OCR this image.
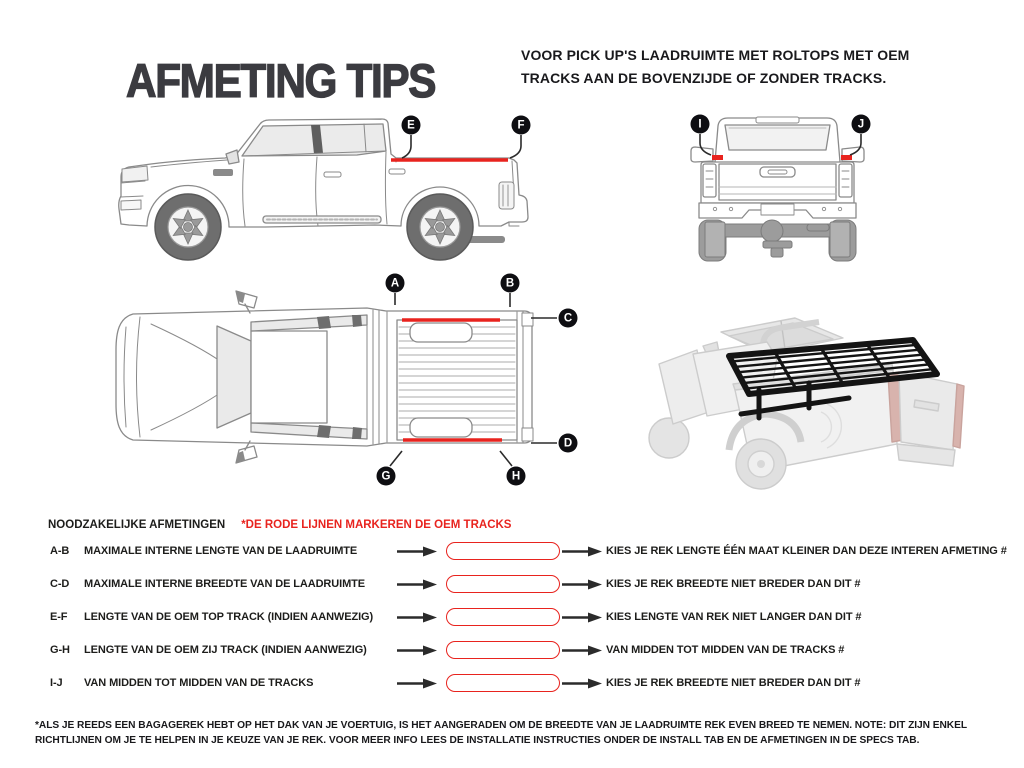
AFMETING TIPS	VOOR PICK UP'S LAADRUIMTE MET ROLTOPS MET OEM TRACKS AAN DE BOVENZIJDE OF ZONDER TRACKS.

A	B
C
D
E	F
G	H
I	J
NOODZAKELIJKE AFMETINGEN *DE RODE LIJNEN MARKEREN DE OEM TRACKS
A-B MAXIMALE INTERNE LENGTE VAN DE LAADRUIMTE	KIES JE REK LENGTE ÉÉN MAAT KLEINER DAN DEZE INTEREN AFMETING #
C-D MAXIMALE INTERNE BREEDTE VAN DE LAADRUIMTE	KIES JE REK BREEDTE NIET BREDER DAN DIT #
E-F LENGTE VAN DE OEM TOP TRACK (INDIEN AANWEZIG)	KIES LENGTE VAN REK NIET LANGER DAN DIT #
G-H LENGTE VAN DE OEM ZIJ TRACK (INDIEN AANWEZIG)	VAN MIDDEN TOT MIDDEN VAN DE TRACKS #
I-J VAN MIDDEN TOT MIDDEN VAN DE TRACKS	KIES JE REK BREEDTE NIET BREDER DAN DIT #

*ALS JE REEDS EEN BAGAGEREK HEBT OP HET DAK VAN JE VOERTUIG, IS HET AANGERADEN OM DE BREEDTE VAN JE LAADRUIMTE REK EVEN BREED TE NEMEN. NOTE: DIT ZIJN ENKEL RICHTLIJNEN OM JE TE HELPEN IN JE KEUZE VAN JE REK. VOOR MEER INFO LEES DE INSTALLATIE INSTRUCTIES ONDER DE INSTALL TAB EN DE AFMETINGEN IN DE SPECS TAB.
